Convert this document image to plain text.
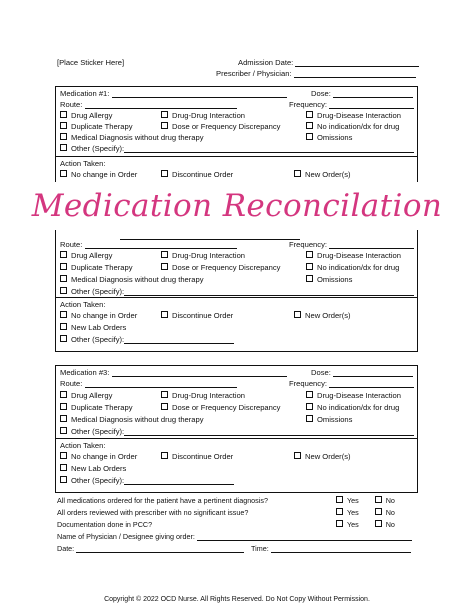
[Place Sticker Here]	Admission Date:
Prescriber / Physician:
Medication #1:	Dose:
Route:	Frequency:
Drug Allergy	Drug-Drug Interaction	Drug-Disease Interaction
Duplicate Therapy	Dose or Frequency Discrepancy	No indication/dx for drug
Medical Diagnosis without drug therapy	Omissions
Other (Specify):
Action Taken:
No change in Order	Discontinue Order	New Order(s)
Medication Reconcilation
Route:	Frequency:
Drug Allergy	Drug-Drug Interaction	Drug-Disease Interaction
Duplicate Therapy	Dose or Frequency Discrepancy	No indication/dx for drug
Medical Diagnosis without drug therapy	Omissions
Other (Specify):
Action Taken:
No change in Order	Discontinue Order	New Order(s)
New Lab Orders
Other (Specify):
Medication #3:	Dose:
Route:	Frequency:
Drug Allergy	Drug-Drug Interaction	Drug-Disease Interaction
Duplicate Therapy	Dose or Frequency Discrepancy	No indication/dx for drug
Medical Diagnosis without drug therapy	Omissions
Other (Specify):
Action Taken:
No change in Order	Discontinue Order	New Order(s)
New Lab Orders
Other (Specify):
All medications ordered for the patient have a pertinent diagnosis?	Yes	No
All orders reviewed with prescriber with no significant issue?	Yes	No
Documentation done in PCC?	Yes	No
Name of Physician / Designee giving order:
Date:	Time:
Copyright © 2022 OCD Nurse. All Rights Reserved. Do Not Copy Without Permission.
